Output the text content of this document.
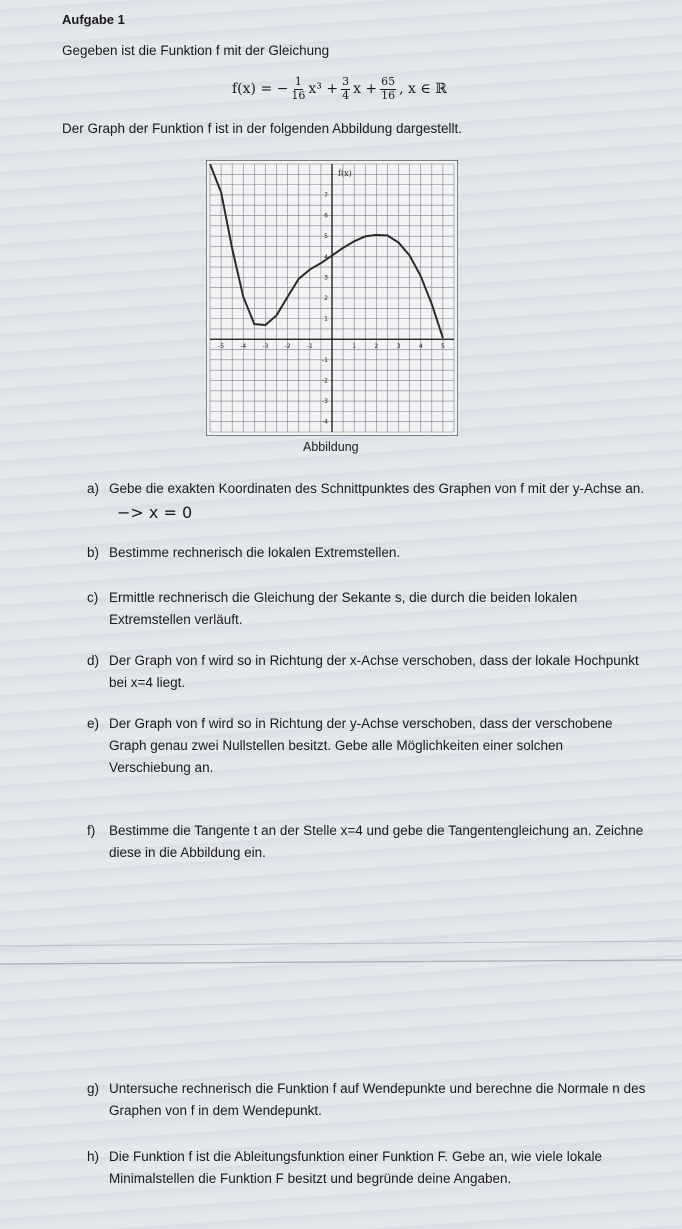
Aufgabe 1
Gegeben ist die Funktion f mit der Gleichung
f(x) = − $\frac{1}{16} x^3 + \frac{3}{4}$ $x + \frac{65}{16}$ , x ∈ ℝ
Der Graph der Funktion f ist in der folgenden Abbildung dargestellt.
-5	-4	-3	-2	-1	1	2	3	4	5
7
6
5
4
3
2
1
-1
-2
-3
-4
f(x)
Abbildung
a) Gebe die exakten Koordinaten des Schnittpunktes des Graphen von f mit der y-Achse an.−> x = 0
b) Bestimme rechnerisch die lokalen Extremstellen.
c) Ermittle rechnerisch die Gleichung der Sekante s, die durch die beiden lokalen Extremstellen verläuft.
d) Der Graph von f wird so in Richtung der x-Achse verschoben, dass der lokale Hochpunkt bei x=4 liegt.
e) Der Graph von f wird so in Richtung der y-Achse verschoben, dass der verschobene Graph genau zwei Nullstellen besitzt. Gebe alle Möglichkeiten einer solchen Verschiebung an.
f)	Bestimme die Tangente t an der Stelle x=4 und gebe die Tangentengleichung an. Zeichne diese in die Abbildung ein.
g) Untersuche rechnerisch die Funktion f auf Wendepunkte und berechne die Normale n des Graphen von f in dem Wendepunkt.
h) Die Funktion f ist die Ableitungsfunktion einer Funktion F. Gebe an, wie viele lokale Minimalstellen die Funktion F besitzt und begründe deine Angaben.
